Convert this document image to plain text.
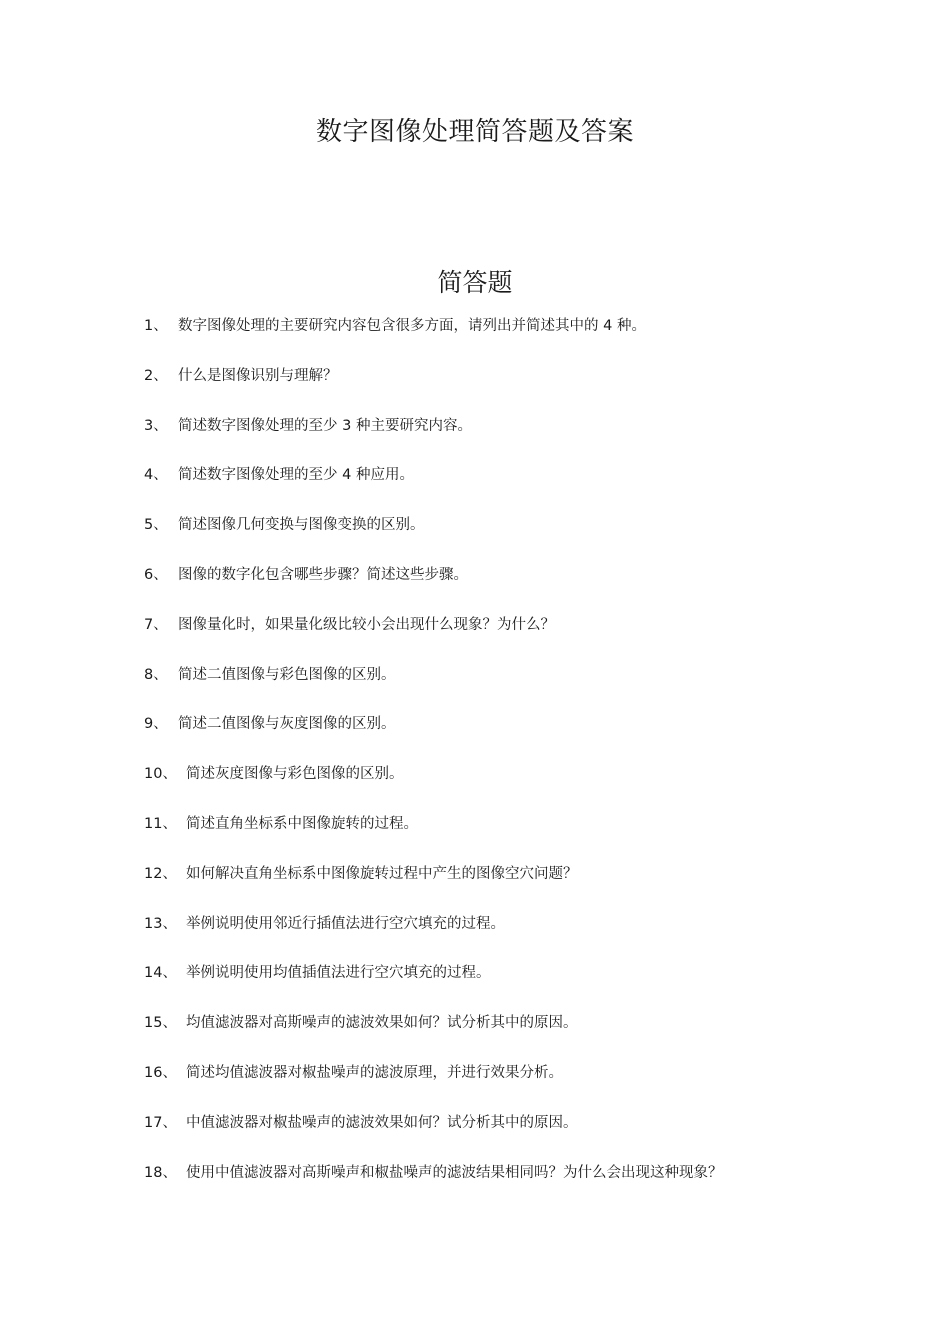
数字图像处理简答题及答案
简答题
1、 数字图像处理的主要研究内容包含很多方面，请列出并简述其中的 4 种。
2、 什么是图像识别与理解？
3、 简述数字图像处理的至少 3 种主要研究内容。
4、 简述数字图像处理的至少 4 种应用。
5、 简述图像几何变换与图像变换的区别。
6、 图像的数字化包含哪些步骤？简述这些步骤。
7、 图像量化时，如果量化级比较小会出现什么现象？为什么？
8、 简述二值图像与彩色图像的区别。
9、 简述二值图像与灰度图像的区别。
10、 简述灰度图像与彩色图像的区别。
11、 简述直角坐标系中图像旋转的过程。
12、 如何解决直角坐标系中图像旋转过程中产生的图像空穴问题？
13、 举例说明使用邻近行插值法进行空穴填充的过程。
14、 举例说明使用均值插值法进行空穴填充的过程。
15、 均值滤波器对高斯噪声的滤波效果如何？试分析其中的原因。
16、 简述均值滤波器对椒盐噪声的滤波原理，并进行效果分析。
17、 中值滤波器对椒盐噪声的滤波效果如何？试分析其中的原因。
18、 使用中值滤波器对高斯噪声和椒盐噪声的滤波结果相同吗？为什么会出现这种现象？
